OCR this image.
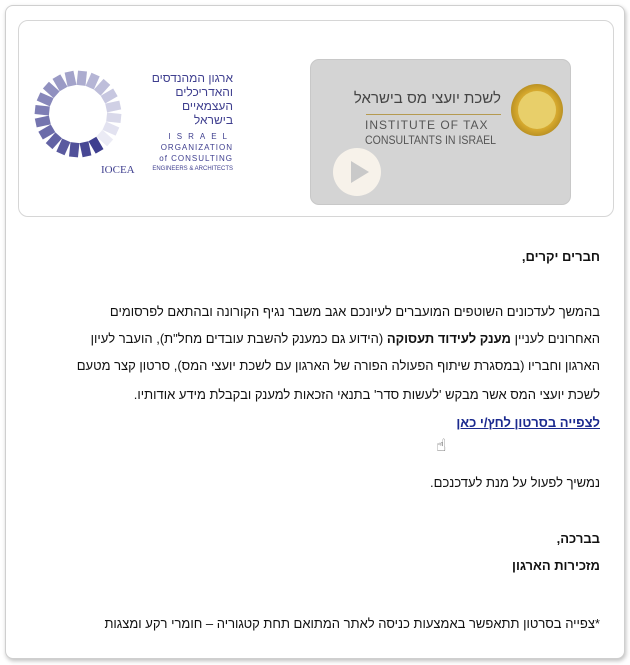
ארגון המהנדסים
והאדריכלים
העצמאיים
בישראל
ISRAEL
ORGANIZATION
of CONSULTING
ENGINEERS & ARCHITECTS
IOCEA
לשכת יועצי מס בישראל
INSTITUTE OF TAX
CONSULTANTS IN ISRAEL
חברים יקרים,
בהמשך לעדכונים השוטפים המועברים לעיונכם אגב משבר נגיף הקורונה ובהתאם לפרסומים
האחרונים לעניין מענק לעידוד תעסוקה (הידוע גם כמענק להשבת עובדים מחל"ת), הועבר לעיון
הארגון וחבריו (במסגרת שיתוף הפעולה הפורה של הארגון עם לשכת יועצי המס), סרטון קצר מטעם
לשכת יועצי המס אשר מבקש 'לעשות סדר' בתנאי הזכאות למענק ובקבלת מידע אודותיו.
לצפייה בסרטון לחץ/י כאן
☝
נמשיך לפעול על מנת לעדכנכם.
בברכה,
מזכירות הארגון
*צפייה בסרטון תתאפשר באמצעות כניסה לאתר המתואם תחת קטגוריה – חומרי רקע ומצגות
